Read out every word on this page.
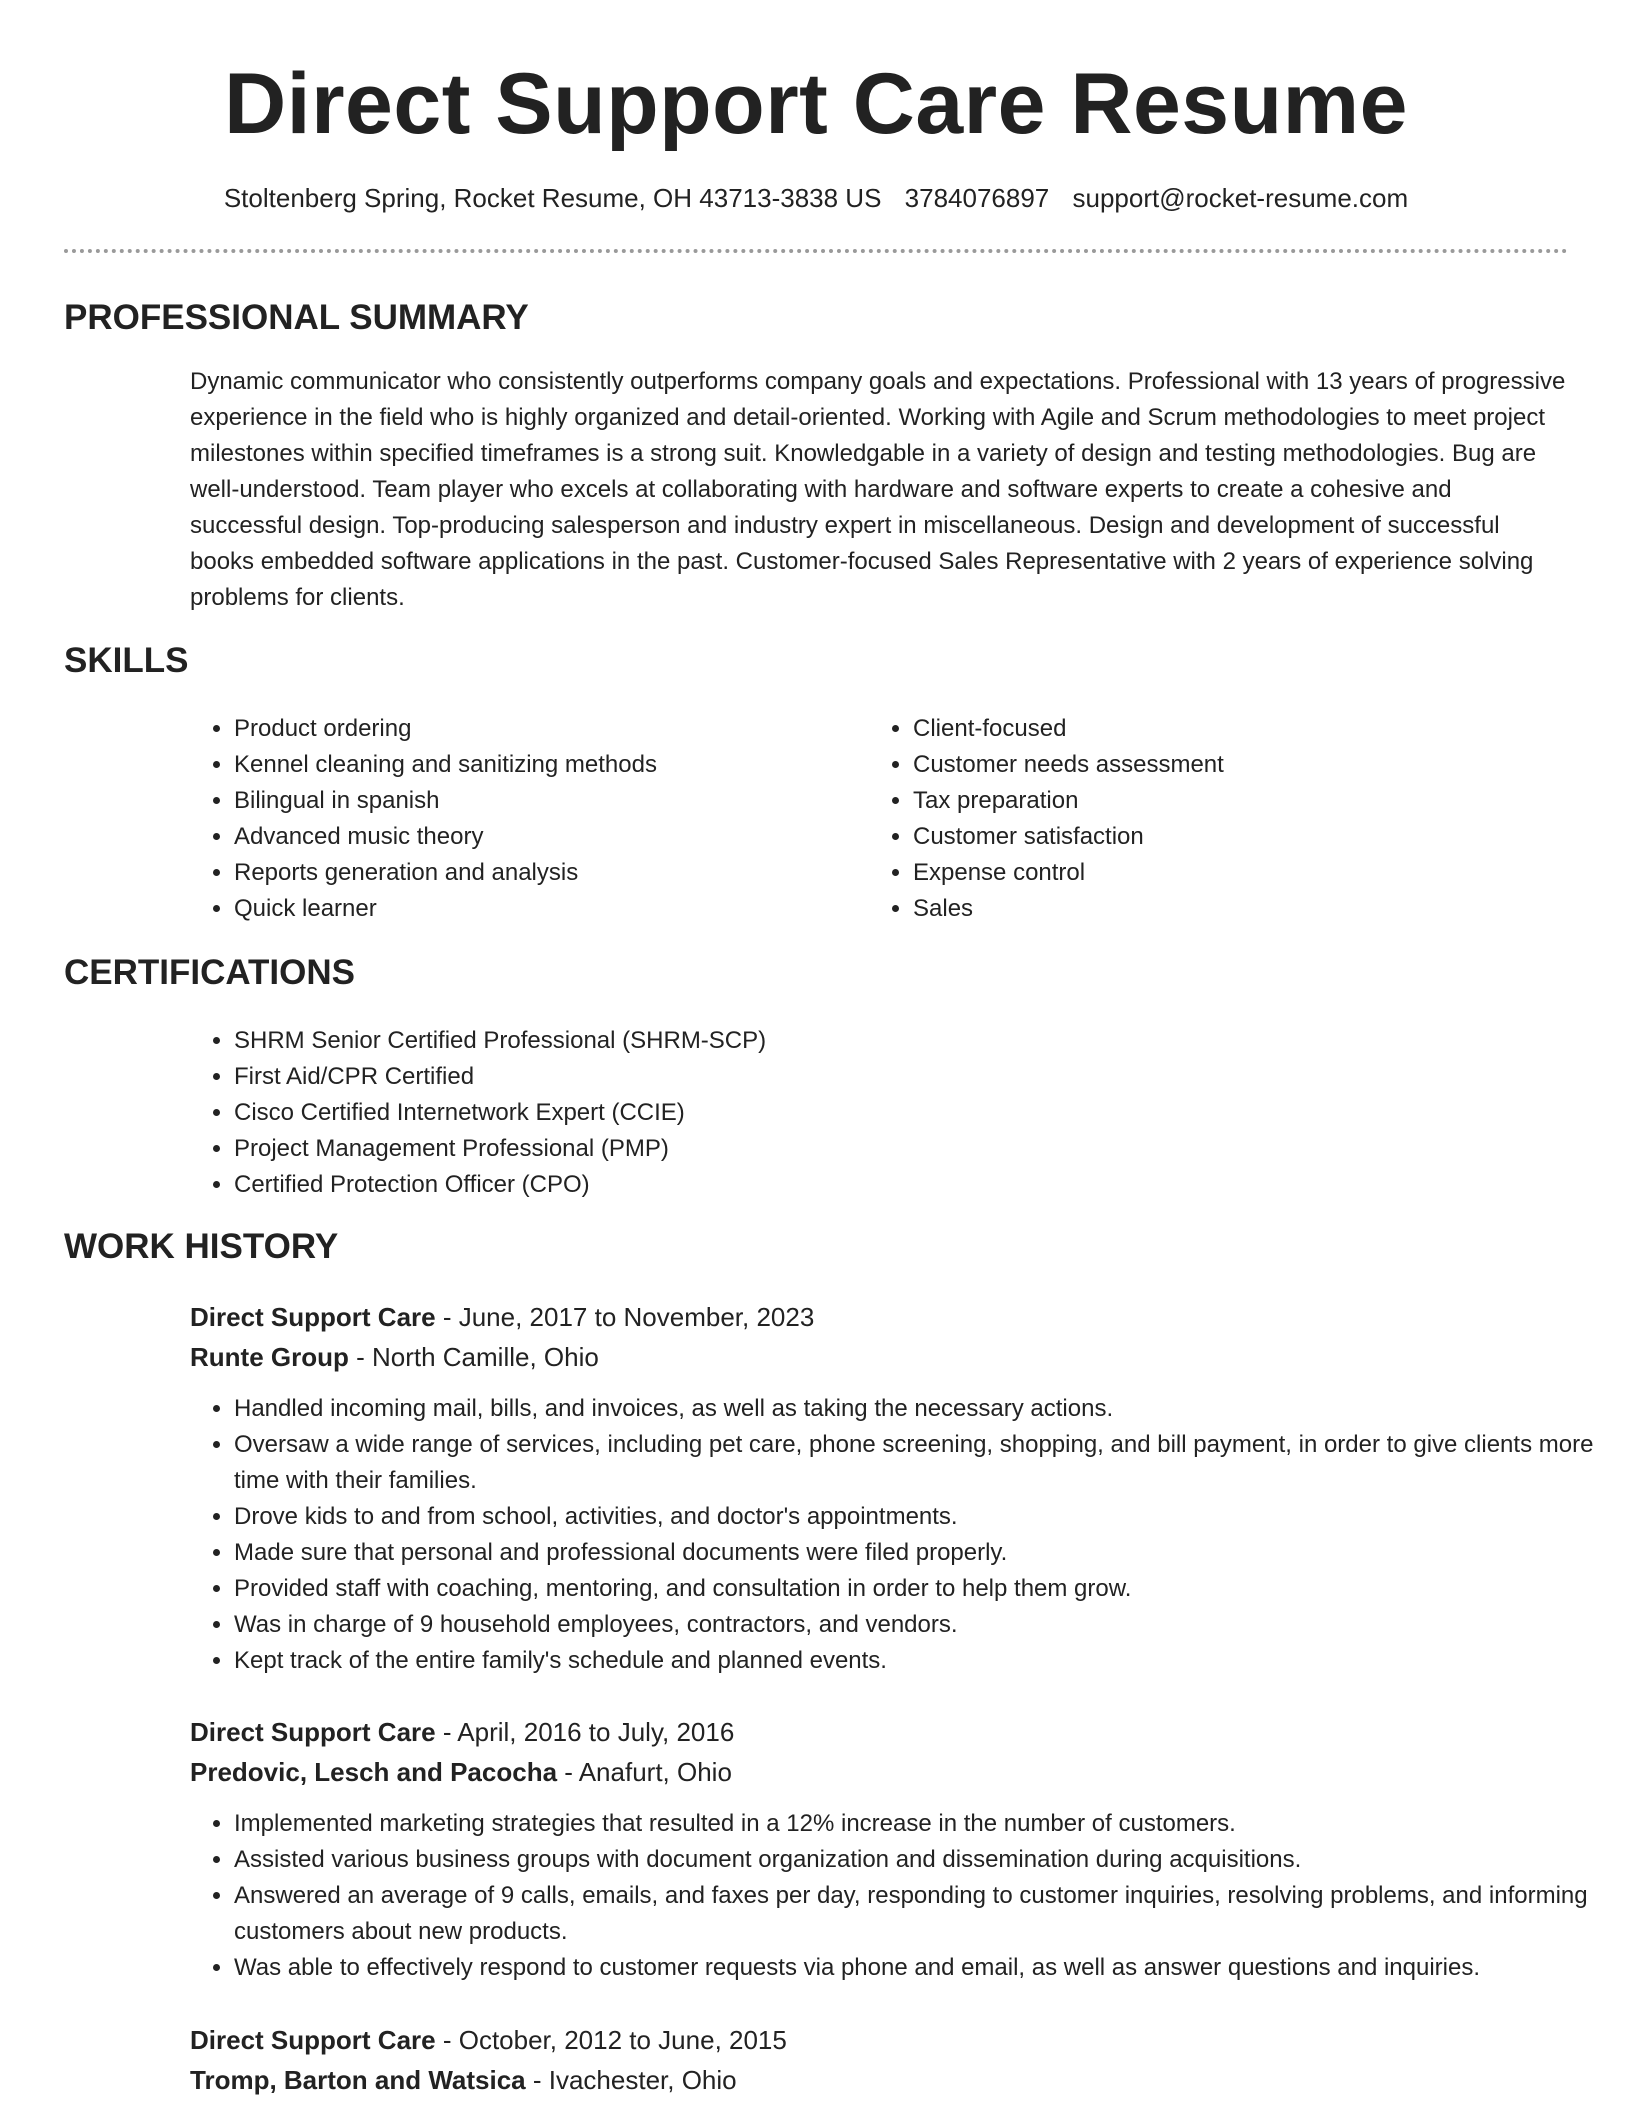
Direct Support Care Resume
Stoltenberg Spring, Rocket Resume, OH 43713-3838 US 3784076897 support@rocket-resume.com
PROFESSIONAL SUMMARY

Dynamic communicator who consistently outperforms company goals and expectations. Professional with 13 years of progressive experience in the field who is highly organized and detail-oriented. Working with Agile and Scrum methodologies to meet project milestones within specified timeframes is a strong suit. Knowledgable in a variety of design and testing methodologies. Bug are well-understood. Team player who excels at collaborating with hardware and software experts to create a cohesive and successful design. Top-producing salesperson and industry expert in miscellaneous. Design and development of successful books embedded software applications in the past. Customer-focused Sales Representative with 2 years of experience solving problems for clients.

SKILLS
• Product ordering
• Kennel cleaning and sanitizing methods
• Bilingual in spanish
• Advanced music theory
• Reports generation and analysis
• Quick learner
• Client-focused
• Customer needs assessment
• Tax preparation
• Customer satisfaction
• Expense control
• Sales
CERTIFICATIONS
• SHRM Senior Certified Professional (SHRM-SCP)
• First Aid/CPR Certified
• Cisco Certified Internetwork Expert (CCIE)
• Project Management Professional (PMP)
• Certified Protection Officer (CPO)
WORK HISTORY
Direct Support Care - June, 2017 to November, 2023
Runte Group - North Camille, Ohio
• Handled incoming mail, bills, and invoices, as well as taking the necessary actions.
• Oversaw a wide range of services, including pet care, phone screening, shopping, and bill payment, in order to give clients more time with their families.
• Drove kids to and from school, activities, and doctor's appointments.
• Made sure that personal and professional documents were filed properly.
• Provided staff with coaching, mentoring, and consultation in order to help them grow.
• Was in charge of 9 household employees, contractors, and vendors.
• Kept track of the entire family's schedule and planned events.
Direct Support Care - April, 2016 to July, 2016
Predovic, Lesch and Pacocha - Anafurt, Ohio
• Implemented marketing strategies that resulted in a 12% increase in the number of customers.
• Assisted various business groups with document organization and dissemination during acquisitions.
• Answered an average of 9 calls, emails, and faxes per day, responding to customer inquiries, resolving problems, and informing customers about new products.
• Was able to effectively respond to customer requests via phone and email, as well as answer questions and inquiries.
Direct Support Care - October, 2012 to June, 2015
Tromp, Barton and Watsica - Ivachester, Ohio
